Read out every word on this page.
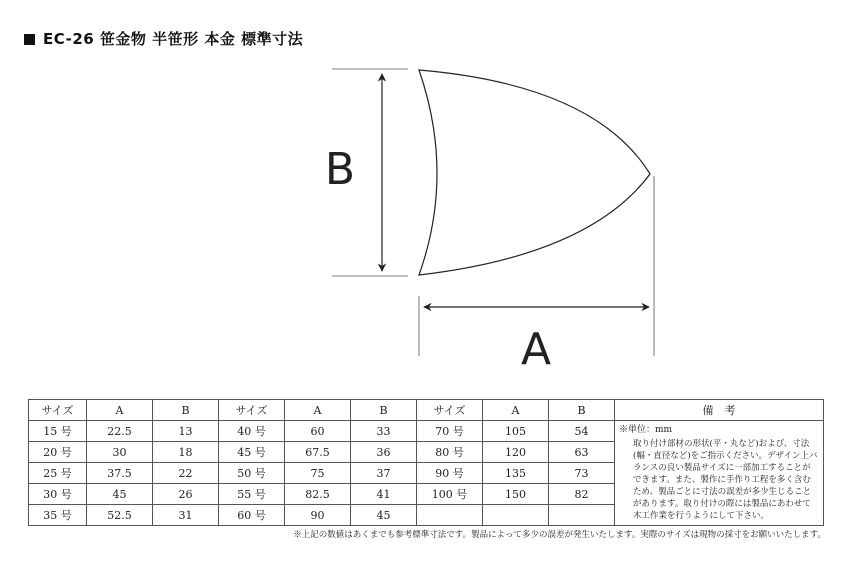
EC-26 笹金物 半笹形 本金 標準寸法
B
A
サイズ	A	B	サイズ	A	B	サイズ	A	B	備　考
15 号	22.5	13	40 号	60	33	70 号	105	54	※単位：mm
取り付け部材の形状(平・丸など)および、寸法(幅・直径など)をご指示ください。デザイン上バランスの良い製品サイズに一部加工することができます。また、製作に手作り工程を多く含むため、製品ごとに寸法の誤差が多少生じることがあります。取り付けの際には製品にあわせて木工作業を行うようにして下さい。

20 号	30	18	45 号	67.5	36	80 号	120	63	
25 号	37.5	22	50 号	75	37	90 号	135	73	
30 号	45	26	55 号	82.5	41	100 号	150	82	
35 号	52.5	31	60 号	90	45				
※上記の数値はあくまでも参考標準寸法です。製品によって多少の誤差が発生いたします。実際のサイズは現物の採寸をお願いいたします。
